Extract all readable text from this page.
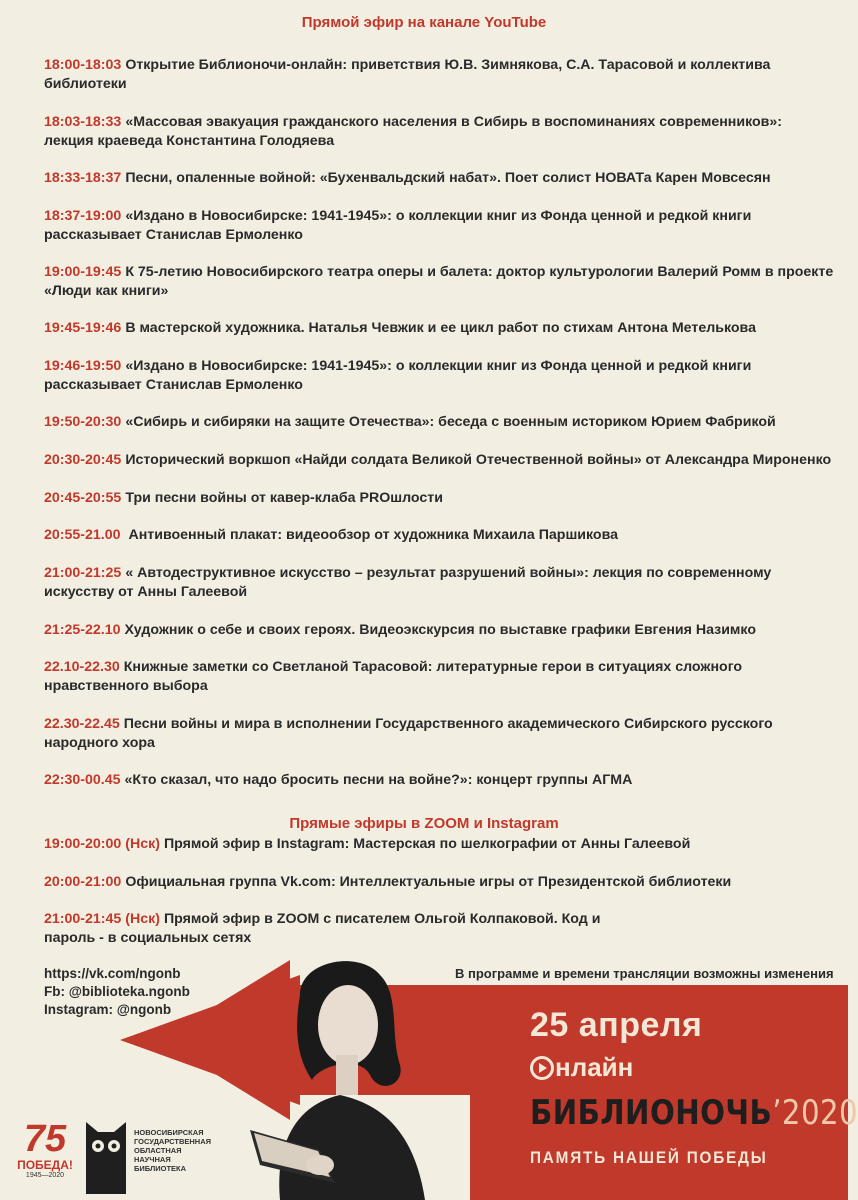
Прямой эфир на канале YouTube
18:00-18:03 Открытие Библионочи-онлайн: приветствия Ю.В. Зимнякова, С.А. Тарасовой и коллектива библиотеки
18:03-18:33 «Массовая эвакуация гражданского населения в Сибирь в воспоминаниях современников»: лекция краеведа Константина Голодяева
18:33-18:37 Песни, опаленные войной: «Бухенвальдский набат». Поет солист НОВАТа Карен Мовсесян
18:37-19:00 «Издано в Новосибирске: 1941-1945»: о коллекции книг из Фонда ценной и редкой книги рассказывает Станислав Ермоленко
19:00-19:45 К 75-летию Новосибирского театра оперы и балета: доктор культурологии Валерий Ромм в проекте «Люди как книги»
19:45-19:46 В мастерской художника. Наталья Чевжик и ее цикл работ по стихам Антона Метелькова
19:46-19:50 «Издано в Новосибирске: 1941-1945»: о коллекции книг из Фонда ценной и редкой книги рассказывает Станислав Ермоленко
19:50-20:30 «Сибирь и сибиряки на защите Отечества»: беседа с военным историком Юрием Фабрикой
20:30-20:45 Исторический воркшоп «Найди солдата Великой Отечественной войны» от Александра Мироненко
20:45-20:55 Три песни войны от кавер-клаба PROшлости
20:55-21.00 Антивоенный плакат: видеообзор от художника Михаила Паршикова
21:00-21:25 « Автодеструктивное искусство – результат разрушений войны»: лекция по современному искусству от Анны Галеевой
21:25-22.10 Художник о себе и своих героях. Видеоэкскурсия по выставке графики Евгения Назимко
22.10-22.30 Книжные заметки со Светланой Тарасовой: литературные герои в ситуациях сложного нравственного выбора
22.30-22.45 Песни войны и мира в исполнении Государственного академического Сибирского русского народного хора
22:30-00.45 «Кто сказал, что надо бросить песни на войне?»: концерт группы АГМА
Прямые эфиры в ZOOM и Instagram
19:00-20:00 (Нск) Прямой эфир в Instagram: Мастерская по шелкографии от Анны Галеевой
20:00-21:00 Официальная группа Vk.com: Интеллектуальные игры от Президентской библиотеки
21:00-21:45 (Нск) Прямой эфир в ZOOM с писателем Ольгой Колпаковой. Код и пароль - в социальных сетях
https://vk.com/ngonb
Fb: @biblioteka.ngonb
Instagram: @ngonb
В программе и времени трансляции возможны изменения
25 апреля
нлайн
БИБЛИОНОЧЬ’2020
ПАМЯТЬ НАШЕЙ ПОБЕДЫ
75
ПОБЕДА!
1945—2020
НОВОСИБИРСКАЯ
ГОСУДАРСТВЕННАЯ
ОБЛАСТНАЯ
НАУЧНАЯ
БИБЛИОТЕКА
